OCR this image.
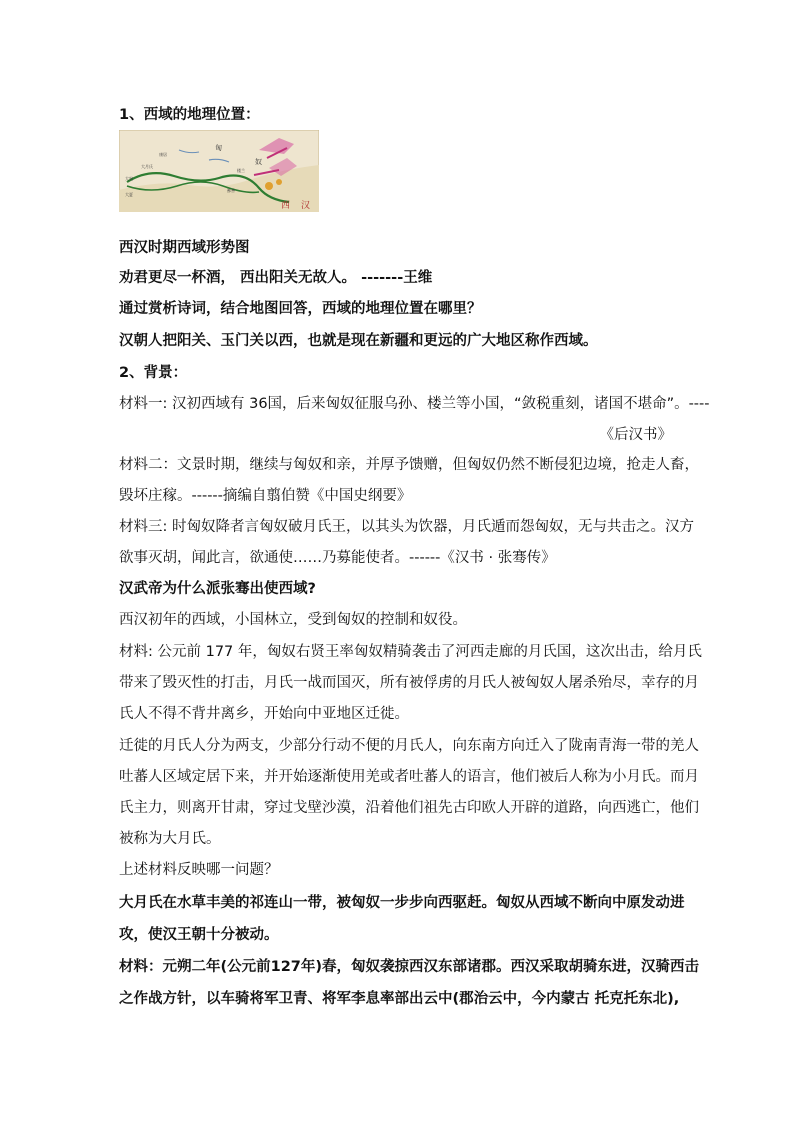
1、西域的地理位置：
匈
奴
西 汉
大月氏
大宛
大夏
康居
鄯善
楼兰
西汉时期西域形势图
劝君更尽一杯酒， 西出阳关无故人。 -------王维
通过赏析诗词，结合地图回答，西域的地理位置在哪里？
汉朝人把阳关、玉门关以西，也就是现在新疆和更远的广大地区称作西域。
2、背景：
材料一: 汉初西域有 36国，后来匈奴征服乌孙、楼兰等小国，“敛税重刻，诸国不堪命”。----
《后汉书》
材料二：文景时期，继续与匈奴和亲，并厚予馈赠，但匈奴仍然不断侵犯边境，抢走人畜，
毁坏庄稼。------摘编自翦伯赞《中国史纲要》
材料三: 时匈奴降者言匈奴破月氏王，以其头为饮器，月氏遁而怨匈奴，无与共击之。汉方
欲事灭胡，闻此言，欲通使……乃募能使者。------《汉书 · 张骞传》
汉武帝为什么派张骞出使西域?
西汉初年的西域，小国林立，受到匈奴的控制和奴役。
材料: 公元前 177 年，匈奴右贤王率匈奴精骑袭击了河西走廊的月氏国，这次出击，给月氏
带来了毁灭性的打击，月氏一战而国灭，所有被俘虏的月氏人被匈奴人屠杀殆尽，幸存的月
氏人不得不背井离乡，开始向中亚地区迁徙。
迁徙的月氏人分为两支，少部分行动不便的月氏人，向东南方向迁入了陇南青海一带的羌人
吐蕃人区域定居下来，并开始逐渐使用羌或者吐蕃人的语言，他们被后人称为小月氏。而月
氏主力，则离开甘肃，穿过戈壁沙漠，沿着他们祖先古印欧人开辟的道路，向西逃亡，他们
被称为大月氏。
上述材料反映哪一问题？
大月氏在水草丰美的祁连山一带，被匈奴一步步向西驱赶。匈奴从西域不断向中原发动进
攻，使汉王朝十分被动。
材料：元朔二年(公元前127年)春，匈奴袭掠西汉东部诸郡。西汉采取胡骑东进，汉骑西击
之作战方针，以车骑将军卫青、将军李息率部出云中(郡治云中，今内蒙古 托克托东北),
